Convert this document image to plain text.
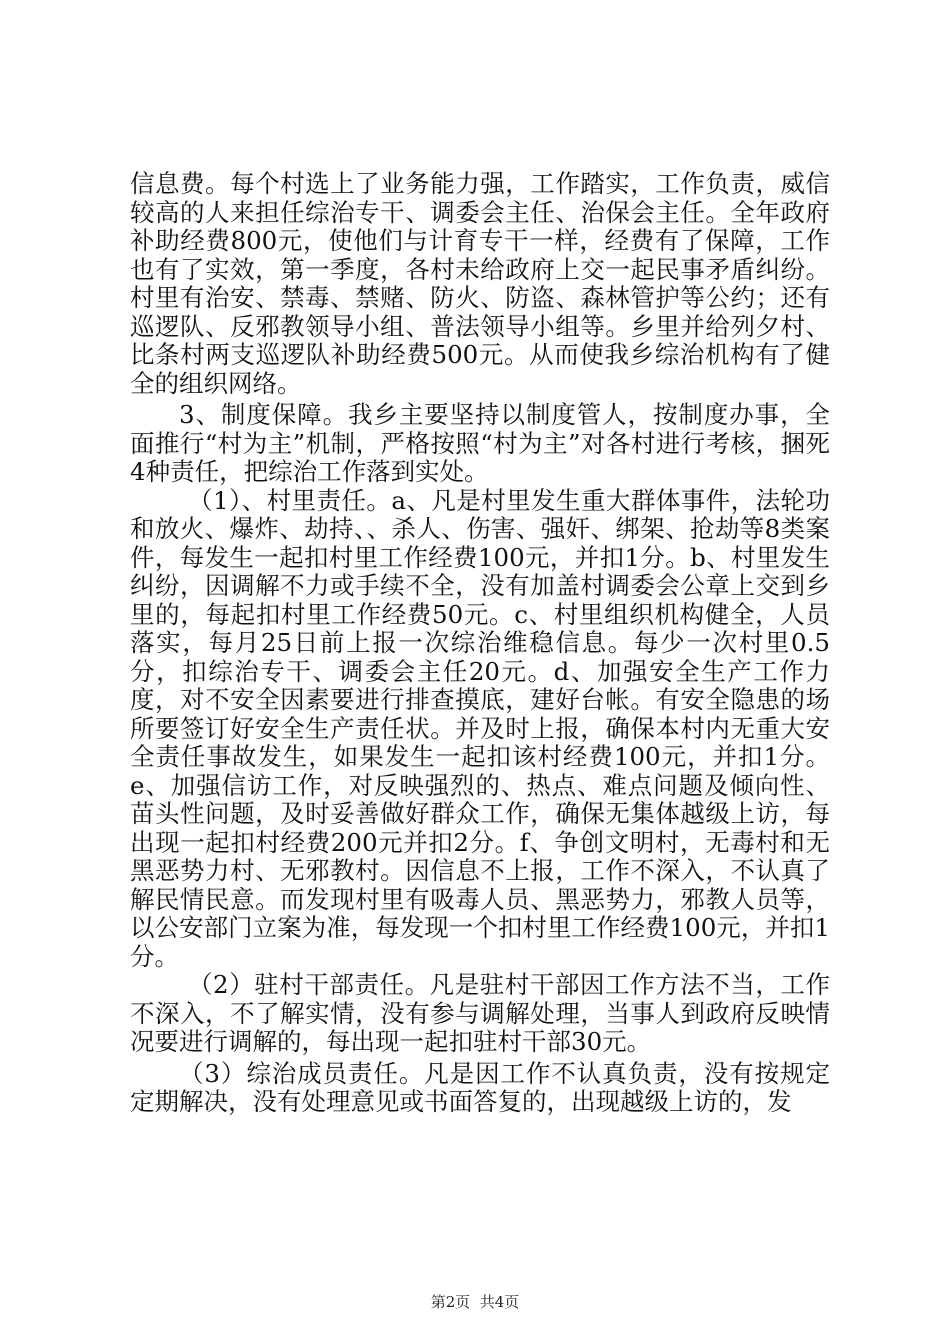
信息费。每个村选上了业务能力强，工作踏实，工作负责，威信较高的人来担任综治专干、调委会主任、治保会主任。全年政府补助经费800元，使他们与计育专干一样，经费有了保障，工作也有了实效，第一季度，各村未给政府上交一起民事矛盾纠纷。村里有治安、禁毒、禁赌、防火、防盗、森林管护等公约；还有巡逻队、反邪教领导小组、普法领导小组等。乡里并给列夕村、比条村两支巡逻队补助经费500元。从而使我乡综治机构有了健全的组织网络。

3、制度保障。我乡主要坚持以制度管人，按制度办事，全面推行“村为主”机制，严格按照“村为主”对各村进行考核，捆死4种责任，把综治工作落到实处。

（1）、村里责任。a、凡是村里发生重大群体事件，法轮功和放火、爆炸、劫持、、杀人、伤害、强奸、绑架、抢劫等8类案件，每发生一起扣村里工作经费100元，并扣1分。b、村里发生纠纷，因调解不力或手续不全，没有加盖村调委会公章上交到乡里的，每起扣村里工作经费50元。c、村里组织机构健全，人员落实，每月25日前上报一次综治维稳信息。每少一次村里0.5分，扣综治专干、调委会主任20元。d、加强安全生产工作力度，对不安全因素要进行排查摸底，建好台帐。有安全隐患的场所要签订好安全生产责任状。并及时上报，确保本村内无重大安全责任事故发生，如果发生一起扣该村经费100元，并扣1分。e、加强信访工作，对反映强烈的、热点、难点问题及倾向性、苗头性问题，及时妥善做好群众工作，确保无集体越级上访，每出现一起扣村经费200元并扣2分。f、争创文明村，无毒村和无黑恶势力村、无邪教村。因信息不上报，工作不深入，不认真了解民情民意。而发现村里有吸毒人员、黑恶势力，邪教人员等，以公安部门立案为准，每发现一个扣村里工作经费100元，并扣1分。

（2）驻村干部责任。凡是驻村干部因工作方法不当，工作不深入，不了解实情，没有参与调解处理，当事人到政府反映情况要进行调解的，每出现一起扣驻村干部30元。

（3）综治成员责任。凡是因工作不认真负责，没有按规定定期解决，没有处理意见或书面答复的，出现越级上访的，发

第2页  共4页
